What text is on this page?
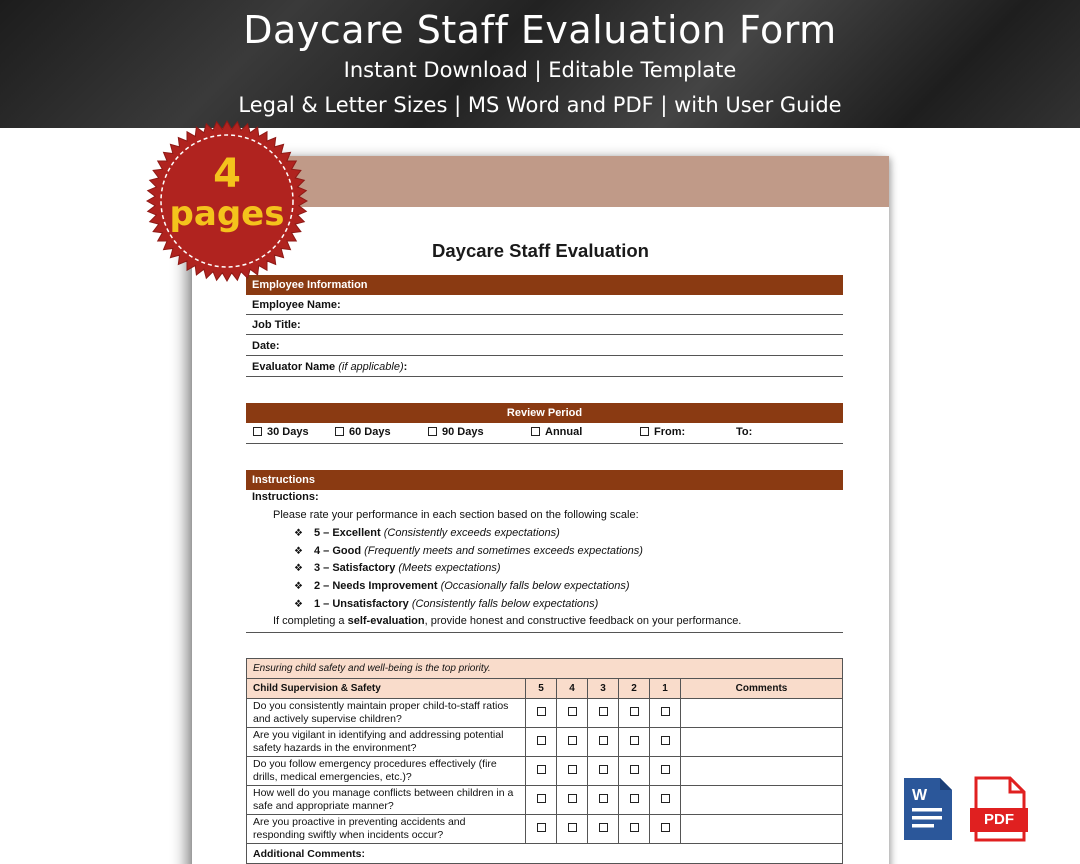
Daycare Staff Evaluation Form
Instant Download | Editable Template
Legal & Letter Sizes | MS Word and PDF | with User Guide
Daycare Staff Evaluation
Employee Information
Employee Name:
Job Title:
Date:
Evaluator Name (if applicable):
Review Period
30 Days	60 Days	90 Days	Annual	From:	To:
Instructions
Instructions:
Please rate your performance in each section based on the following scale:
❖ 5 – Excellent (Consistently exceeds expectations)
❖ 4 – Good (Frequently meets and sometimes exceeds expectations)
❖ 3 – Satisfactory (Meets expectations)
❖ 2 – Needs Improvement (Occasionally falls below expectations)
❖ 1 – Unsatisfactory (Consistently falls below expectations)
If completing a self-evaluation, provide honest and constructive feedback on your performance.
Ensuring child safety and well-being is the top priority.						
Child Supervision & Safety	5	4	3	2	1	Comments
Do you consistently maintain proper child-to-staff ratios and actively supervise children?						
Are you vigilant in identifying and addressing potential safety hazards in the environment?						
Do you follow emergency procedures effectively (fire drills, medical emergencies, etc.)?						
How well do you manage conflicts between children in a safe and appropriate manner?						
Are you proactive in preventing accidents and responding swiftly when incidents occur?						
Additional Comments:						
4
pages
W
PDF
